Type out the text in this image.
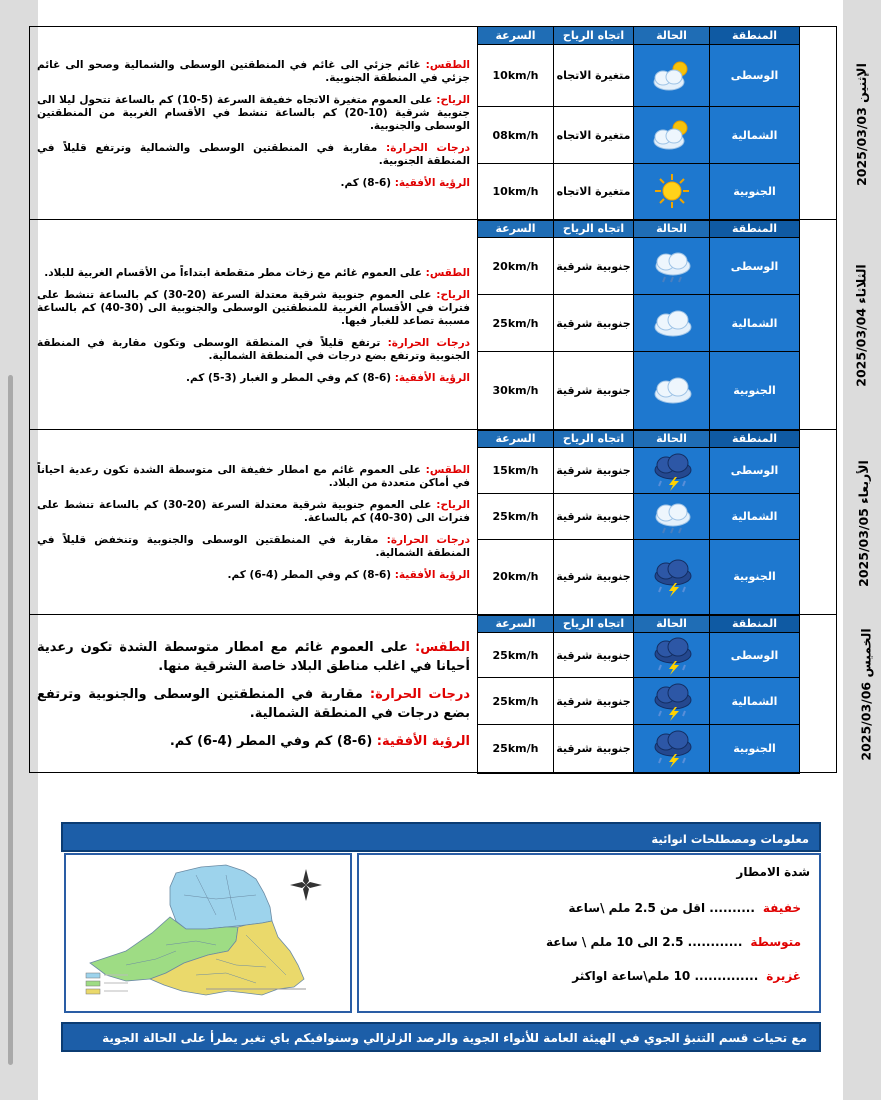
الطقس: غائم جزئي الى غائم في المنطقتين الوسطى والشمالية وصحو الى غائم جزئي في المنطقة الجنوبية.

الرياح: على العموم متغيرة الاتجاه خفيفة السرعة (5-10) كم بالساعة تتحول ليلا الى جنوبية شرقية (10-20) كم بالساعة تنشط في الأقسام الغربية من المنطقتين الوسطى والجنوبية.

درجات الحرارة: مقاربة في المنطقتين الوسطى والشمالية وترتفع قليلاً في المنطقة الجنوبية.

الرؤية الأفقية: (6-8) كم.	السرعة	اتجاه الرياح	الحالة	المنطقة	الإثنين 2025/03/03
	10km/h	متغيرة الاتجاه		الوسطى	
	08km/h	متغيرة الاتجاه		الشمالية	
	10km/h	متغيرة الاتجاه		الجنوبية	

الطقس: على العموم غائم مع زخات مطر متقطعة ابتداءاً من الأقسام الغربية للبلاد.

الرياح: على العموم جنوبية شرقية معتدلة السرعة (20-30) كم بالساعة تنشط على فترات في الأقسام الغربية للمنطقتين الوسطى والجنوبية الى (30-40) كم بالساعة مسببة تصاعد للغبار فيها.

درجات الحرارة: ترتفع قليلاً في المنطقة الوسطى وتكون مقاربة في المنطقة الجنوبية وترتفع بضع درجات في المنطقة الشمالية.

الرؤية الأفقية: (6-8) كم وفي المطر و الغبار (3-5) كم.	السرعة	اتجاه الرياح	الحالة	المنطقة	الثلاثاء 2025/03/04
	20km/h	جنوبية شرقية		الوسطى	
	25km/h	جنوبية شرقية		الشمالية	
	30km/h	جنوبية شرقية		الجنوبية	

الطقس: على العموم غائم مع امطار خفيفة الى متوسطة الشدة تكون رعدية احياناً في أماكن متعددة من البلاد.

الرياح: على العموم جنوبية شرقية معتدلة السرعة (20-30) كم بالساعة تنشط على فترات الى (30-40) كم بالساعة.

درجات الحرارة: مقاربة في المنطقتين الوسطى والجنوبية وتنخفض قليلاً في المنطقة الشمالية.

الرؤية الأفقية: (6-8) كم وفي المطر (4-6) كم.	السرعة	اتجاه الرياح	الحالة	المنطقة	الأربعاء 2025/03/05
	15km/h	جنوبية شرقية		الوسطى	
	25km/h	جنوبية شرقية		الشمالية	
	20km/h	جنوبية شرقية		الجنوبية	

الطقس: على العموم غائم مع امطار متوسطة الشدة تكون رعدية أحيانا في اغلب مناطق البلاد خاصة الشرقية منها.

درجات الحرارة: مقاربة في المنطقتين الوسطى والجنوبية وترتفع بضع درجات في المنطقة الشمالية.

الرؤية الأفقية: (6-8) كم وفي المطر (4-6) كم.	السرعة	اتجاه الرياح	الحالة	المنطقة	الخميس 2025/03/06
	25km/h	جنوبية شرقية		الوسطى	
	25km/h	جنوبية شرقية		الشمالية	
	25km/h	جنوبية شرقية		الجنوبية	
معلومات ومصطلحات انوائية
شدة الامطار
خفيفة.......... اقل من 2.5 ملم \ساعة
متوسطة............ 2.5 الى 10 ملم \ ساعة
غزيرة.............. 10 ملم\ساعة اواكثر
مع تحيات قسم التنبؤ الجوي في الهيئة العامة للأنواء الجوية والرصد الزلزالي وسنوافيكم باي تغير يطرأ على الحالة الجوية
